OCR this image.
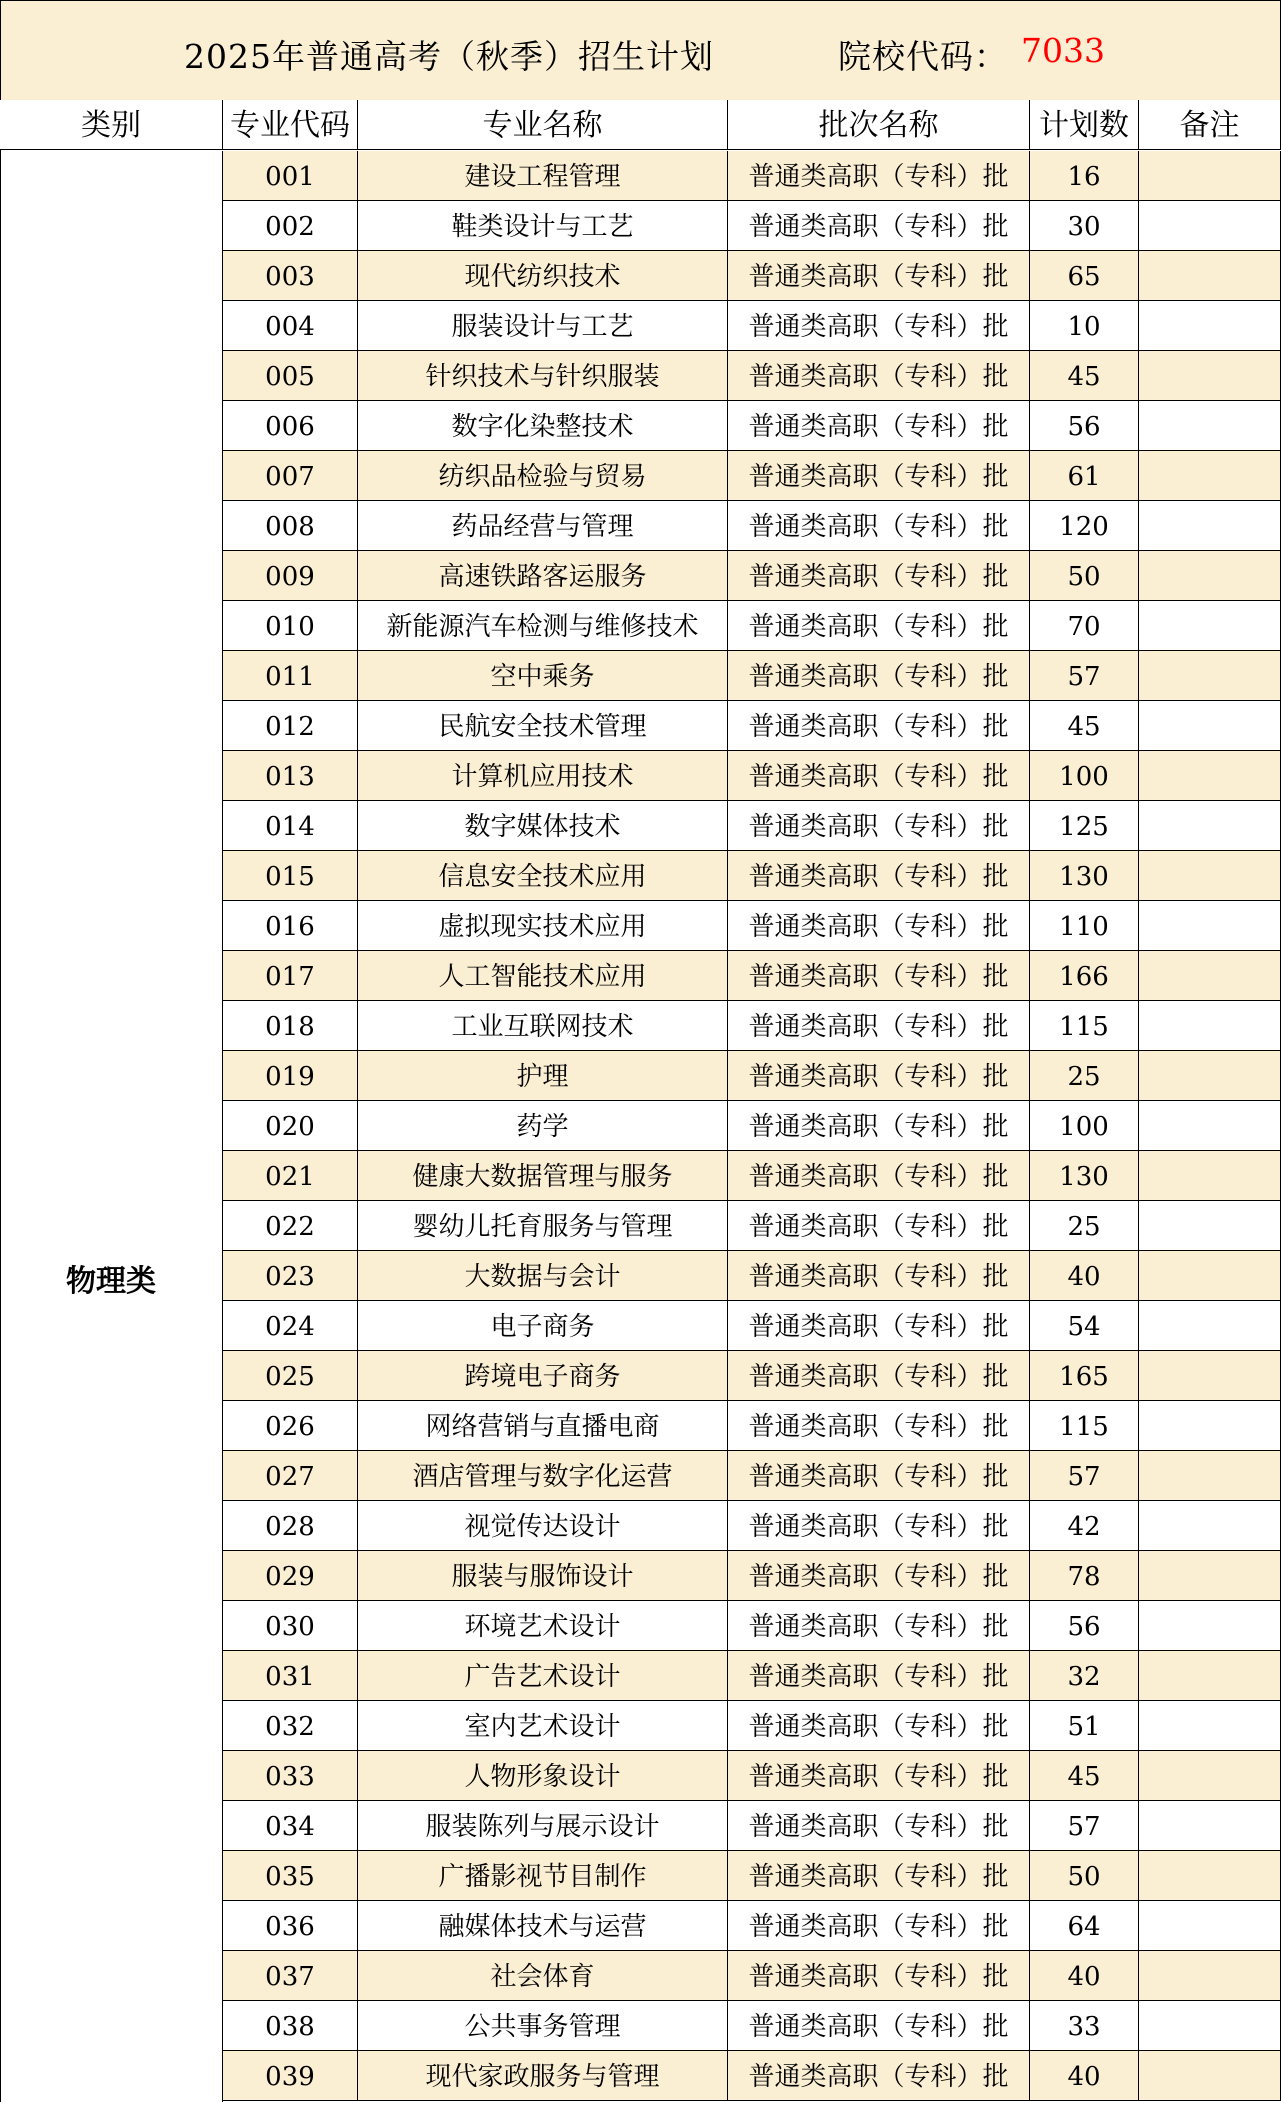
2025年普通高考（秋季）招生计划	院校代码： 7033
类别	专业代码	专业名称	批次名称	计划数	备注
物理类
001	建设工程管理	普通类高职（专科）批	16
002	鞋类设计与工艺	普通类高职（专科）批	30
003	现代纺织技术	普通类高职（专科）批	65
004	服装设计与工艺	普通类高职（专科）批	10
005	针织技术与针织服装	普通类高职（专科）批	45
006	数字化染整技术	普通类高职（专科）批	56
007	纺织品检验与贸易	普通类高职（专科）批	61
008	药品经营与管理	普通类高职（专科）批	120
009	高速铁路客运服务	普通类高职（专科）批	50
010	新能源汽车检测与维修技术	普通类高职（专科）批	70
011	空中乘务	普通类高职（专科）批	57
012	民航安全技术管理	普通类高职（专科）批	45
013	计算机应用技术	普通类高职（专科）批	100
014	数字媒体技术	普通类高职（专科）批	125
015	信息安全技术应用	普通类高职（专科）批	130
016	虚拟现实技术应用	普通类高职（专科）批	110
017	人工智能技术应用	普通类高职（专科）批	166
018	工业互联网技术	普通类高职（专科）批	115
019	护理	普通类高职（专科）批	25
020	药学	普通类高职（专科）批	100
021	健康大数据管理与服务	普通类高职（专科）批	130
022	婴幼儿托育服务与管理	普通类高职（专科）批	25
023	大数据与会计	普通类高职（专科）批	40
024	电子商务	普通类高职（专科）批	54
025	跨境电子商务	普通类高职（专科）批	165
026	网络营销与直播电商	普通类高职（专科）批	115
027	酒店管理与数字化运营	普通类高职（专科）批	57
028	视觉传达设计	普通类高职（专科）批	42
029	服装与服饰设计	普通类高职（专科）批	78
030	环境艺术设计	普通类高职（专科）批	56
031	广告艺术设计	普通类高职（专科）批	32
032	室内艺术设计	普通类高职（专科）批	51
033	人物形象设计	普通类高职（专科）批	45
034	服装陈列与展示设计	普通类高职（专科）批	57
035	广播影视节目制作	普通类高职（专科）批	50
036	融媒体技术与运营	普通类高职（专科）批	64
037	社会体育	普通类高职（专科）批	40
038	公共事务管理	普通类高职（专科）批	33
039	现代家政服务与管理	普通类高职（专科）批	40
